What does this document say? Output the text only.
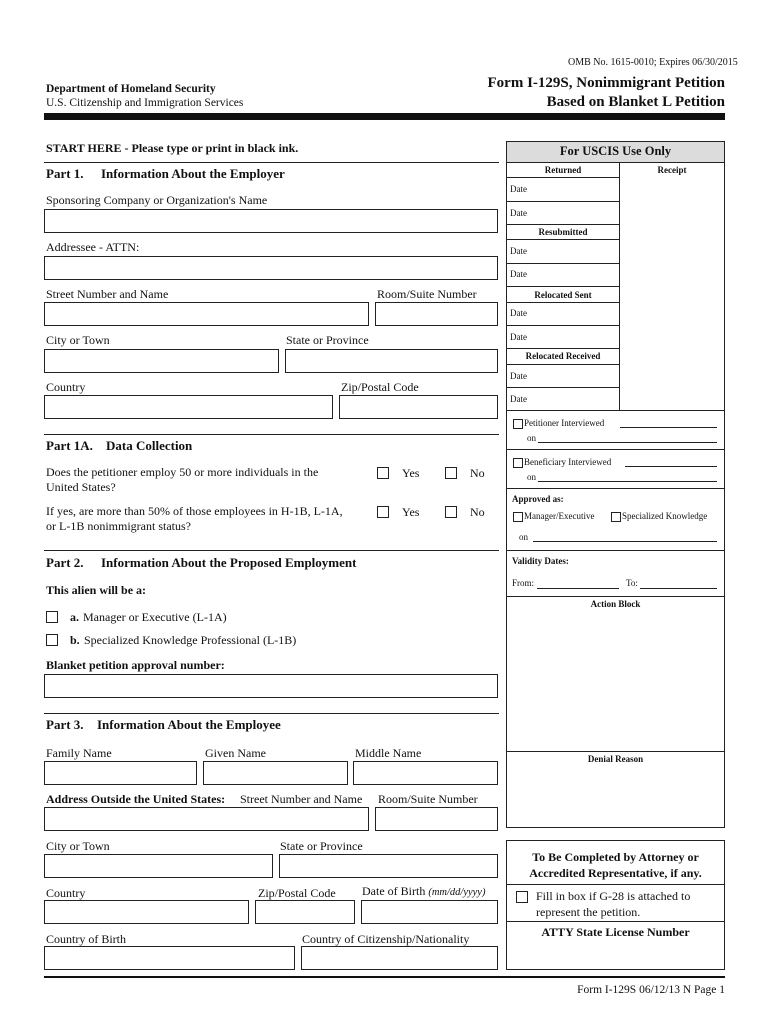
OMB No. 1615-0010; Expires 06/30/2015
Department of Homeland Security
U.S. Citizenship and Immigration Services
Form I-129S, Nonimmigrant Petition
Based on Blanket L Petition
START HERE - Please type or print in black ink.
Part 1. Information About the Employer
Sponsoring Company or Organization's Name
Addressee - ATTN:
Street Number and Name	Room/Suite Number
City or Town	State or Province
Country	Zip/Postal Code
Part 1A. Data Collection
Does the petitioner employ 50 or more individuals in the
United States?
Yes	No
If yes, are more than 50% of those employees in H-1B, L-1A,
or L-1B nonimmigrant status?
Yes	No
Part 2. Information About the Proposed Employment
This alien will be a:
a. Manager or Executive (L-1A)
b. Specialized Knowledge Professional (L-1B)
Blanket petition approval number:
Part 3. Information About the Employee
Family Name	Given Name	Middle Name
Address Outside the United States: Street Number and Name Room/Suite Number
City or Town	State or Province
Country	Zip/Postal Code Date of Birth (mm/dd/yyyy)
Country of Birth	Country of Citizenship/Nationality
For USCIS Use Only
Returned	Receipt
Date
Date
Resubmitted
Date
Date
Relocated Sent
Date
Date
Relocated Received
Date
Date
Petitioner Interviewed
on
Beneficiary Interviewed
on
Approved as:
Manager/Executive	Specialized Knowledge
on
Validity Dates:
From:	To:
Action Block
Denial Reason
To Be Completed by Attorney or
Accredited Representative, if any.
Fill in box if G-28 is attached to
represent the petition.
ATTY State License Number
Form I-129S 06/12/13 N Page 1
